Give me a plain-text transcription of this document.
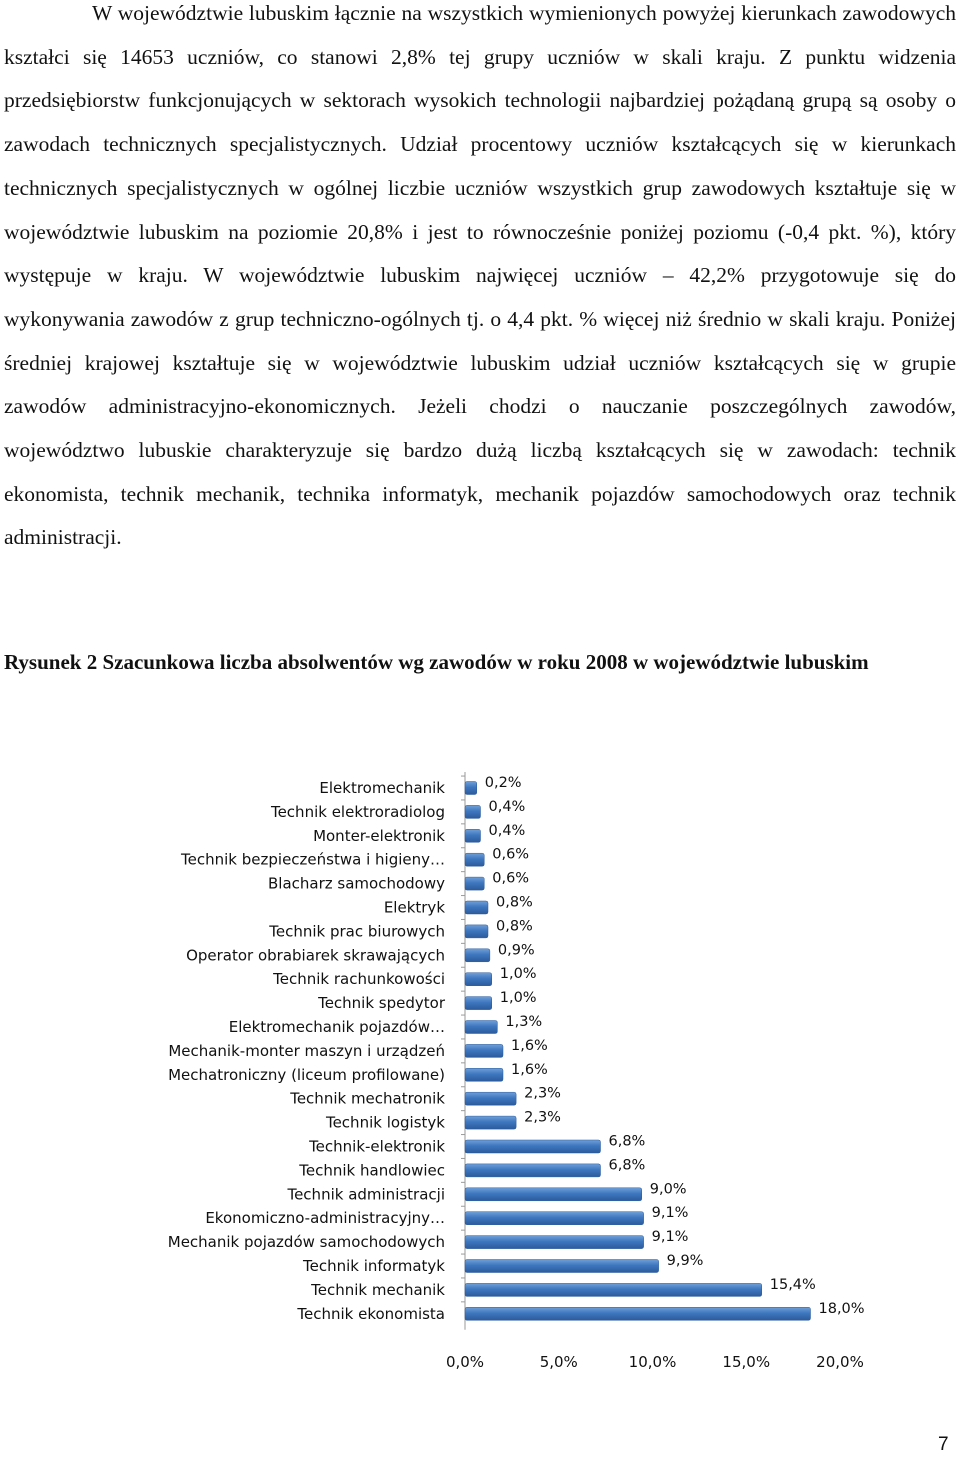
W województwie lubuskim łącznie na wszystkich wymienionych powyżej kierunkach zawodowych kształci się 14653 uczniów, co stanowi 2,8% tej grupy uczniów w skali kraju. Z punktu widzenia przedsiębiorstw funkcjonujących w sektorach wysokich technologii najbardziej pożądaną grupą są osoby o zawodach technicznych specjalistycznych. Udział procentowy uczniów kształcących się w kierunkach technicznych specjalistycznych w ogólnej liczbie uczniów wszystkich grup zawodowych kształtuje się w województwie lubuskim na poziomie 20,8% i jest to równocześnie poniżej poziomu (-0,4 pkt. %), który występuje w kraju. W województwie lubuskim najwięcej uczniów – 42,2% przygotowuje się do wykonywania zawodów z grup techniczno-ogólnych tj. o 4,4 pkt. % więcej niż średnio w skali kraju. Poniżej średniej krajowej kształtuje się w województwie lubuskim udział uczniów kształcących się w grupie zawodów administracyjno-ekonomicznych. Jeżeli chodzi o nauczanie poszczególnych zawodów, województwo lubuskie charakteryzuje się bardzo dużą liczbą kształcących się w zawodach: technik ekonomista, technik mechanik, technika informatyk, mechanik pojazdów samochodowych oraz technik administracji.

Rysunek 2 Szacunkowa liczba absolwentów wg zawodów w roku 2008 w województwie lubuskim

Elektromechanik	0,2%
Technik elektroradiolog	0,4%
Monter-elektronik	0,4%
Technik bezpieczeństwa i higieny…	0,6%
Blacharz samochodowy	0,6%
Elektryk	0,8%
Technik prac biurowych	0,8%
Operator obrabiarek skrawających	0,9%
Technik rachunkowości	1,0%
Technik spedytor	1,0%
Elektromechanik pojazdów…	1,3%
Mechanik-monter maszyn i urządzeń	1,6%
Mechatroniczny (liceum profilowane)	1,6%
Technik mechatronik	2,3%
Technik logistyk	2,3%
Technik-elektronik	6,8%
Technik handlowiec	6,8%
Technik administracji	9,0%
Ekonomiczno-administracyjny…	9,1%
Mechanik pojazdów samochodowych	9,1%
Technik informatyk	9,9%
Technik mechanik	15,4%
Technik ekonomista	18,0%
0,0%	5,0%	10,0%	15,0%	20,0%
7
